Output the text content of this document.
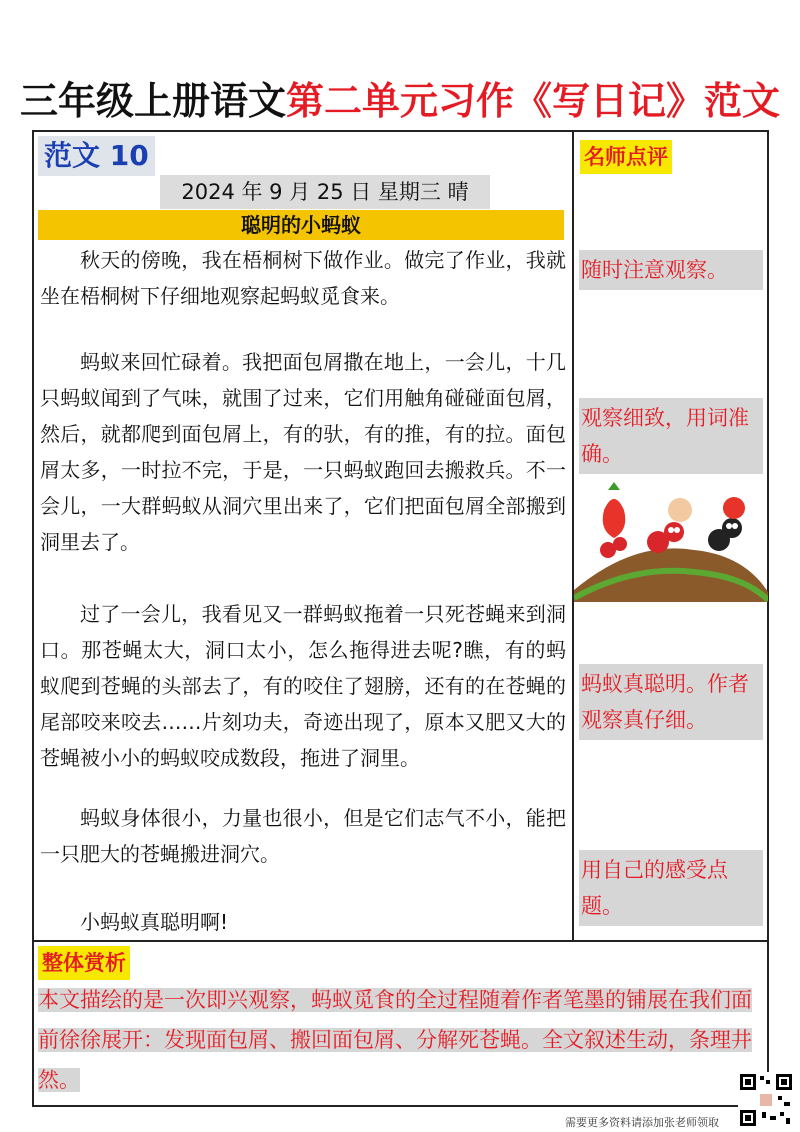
三年级上册语文第二单元习作《写日记》范文
范文 10
2024 年 9 月 25 日 星期三 晴
聪明的小蚂蚁

秋天的傍晚，我在梧桐树下做作业。做完了作业，我就坐在梧桐树下仔细地观察起蚂蚁觅食来。

蚂蚁来回忙碌着。我把面包屑撒在地上，一会儿，十几只蚂蚁闻到了气味，就围了过来，它们用触角碰碰面包屑，然后，就都爬到面包屑上，有的驮，有的推，有的拉。面包屑太多，一时拉不完，于是，一只蚂蚁跑回去搬救兵。不一会儿，一大群蚂蚁从洞穴里出来了，它们把面包屑全部搬到洞里去了。

过了一会儿，我看见又一群蚂蚁拖着一只死苍蝇来到洞口。那苍蝇太大，洞口太小，怎么拖得进去呢?瞧，有的蚂蚁爬到苍蝇的头部去了，有的咬住了翅膀，还有的在苍蝇的尾部咬来咬去……片刻功夫，奇迹出现了，原本又肥又大的苍蝇被小小的蚂蚁咬成数段，拖进了洞里。

蚂蚁身体很小，力量也很小，但是它们志气不小，能把一只肥大的苍蝇搬进洞穴。

小蚂蚁真聪明啊!

名师点评
随时注意观察。
观察细致，用词准确。
蚂蚁真聪明。作者观察真仔细。
用自己的感受点题。
整体赏析

本文描绘的是一次即兴观察，蚂蚁觅食的全过程随着作者笔墨的铺展在我们面前徐徐展开：发现面包屑、搬回面包屑、分解死苍蝇。全文叙述生动，条理井然。

需要更多资料请添加张老师领取
